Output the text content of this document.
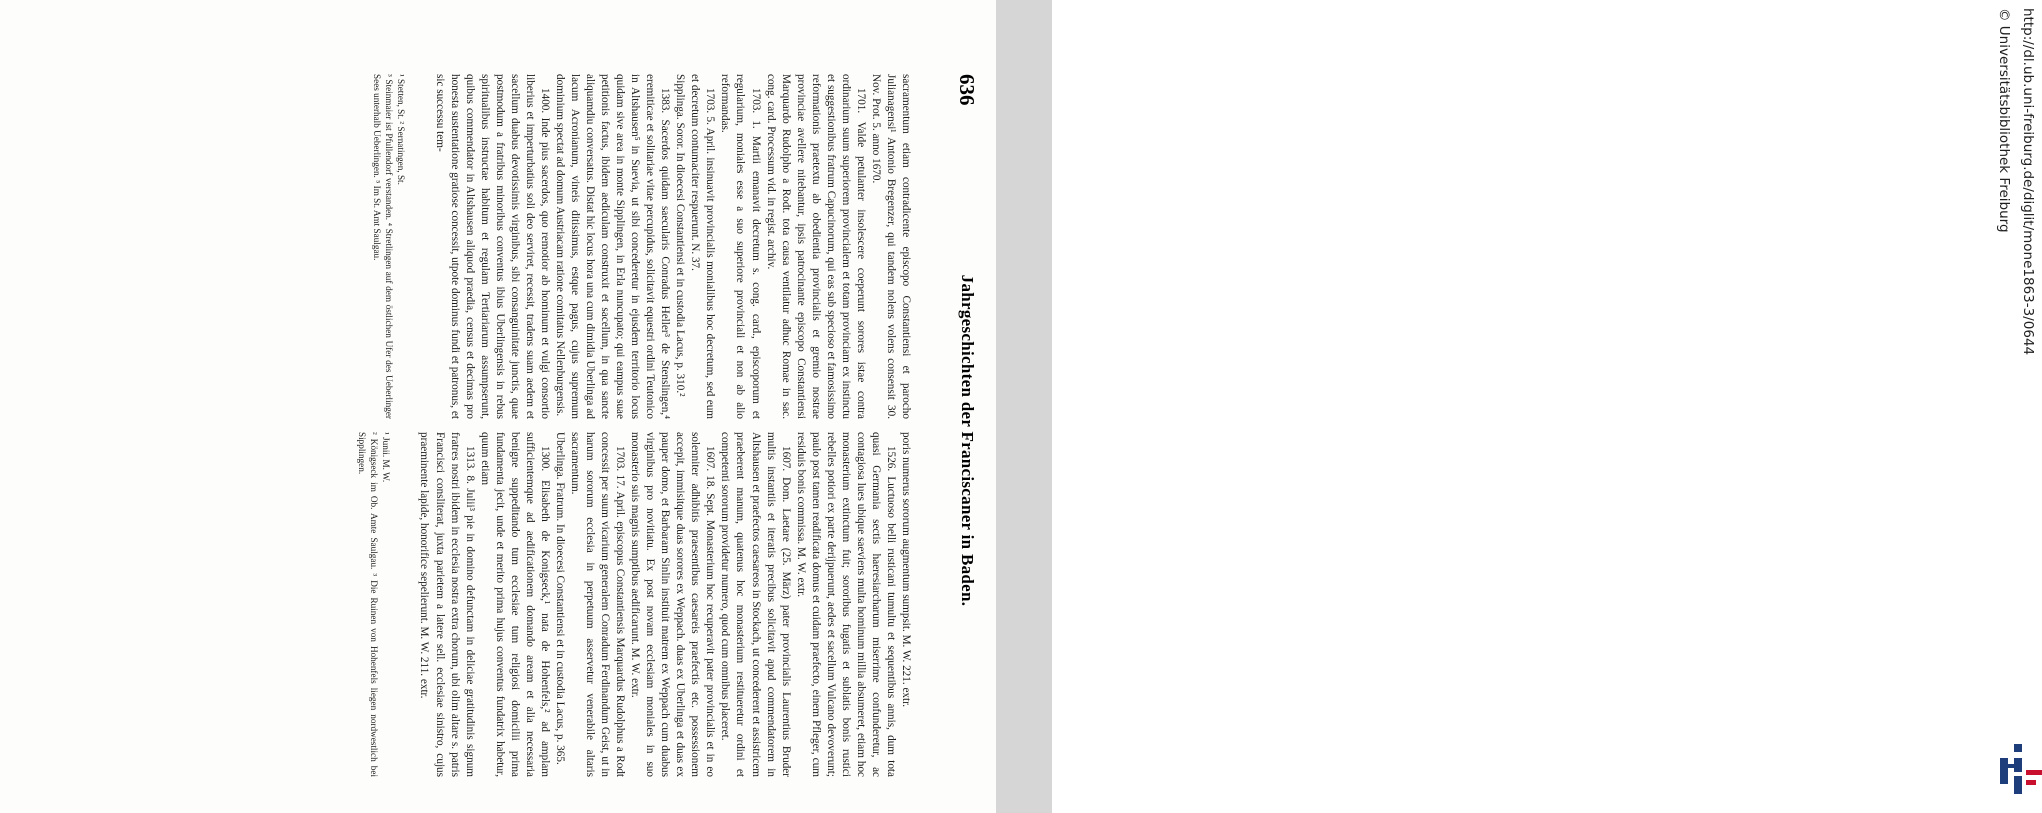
636
Jahrgeschichten der Franciscaner in Baden.

sacramentum etiam contradicente episcopo Constantiensi et parocho Julianagensi¹ Antonio Bregenzer, qui tandem nolens volens consensit 30. Nov. Prot. 5. anno 1670.

1701. Valde petulanter insolescere coeperunt sorores istae contra ordinarium suum superiorem provincialem et totam provinciam ex instinctu et suggestionibus fratrum Capucinorum, qui eas sub specioso et famosissimo reformationis praetextu ab obedientia provincialis et gremio nostrae provinciae avellere nitebantur, ipsis patrocinante episcopo Constantiensi Marquardo Rudolpho a Rodt. tota causa ventilatur adhuc Romae in sac. cong. card. Processum vid. in regist. archiv.

1703. 1. Martii emanavit decretum s. cong. card., episcoporum et regularium, moniales esse a suo superiore provinciali et non ab alio reformandas.

1703. 5. April. insinuavit provincialis monialibus hoc decretum, sed eum et decretum contumaciter respuerunt. N. 37.

Sipplinga. Soror. In dioecesi Constantiensi et in custodia Lacus, p. 310.²

1383. Sacerdos quidam saecularis Conradus Heller³ de Stenslingen,⁴ eremiticae et solitariae vitae percupidus, solicitavit equestri ordini Teutonico in Altshausen⁵ in Suevia, ut sibi concederetur in ejusdem territorio locus quidam sive area in monte Sipplingen, in Erla nuncupato; qui eampus suae petitionis factus, ibidem aediculam construxit et sacellum, in qua sancte aliquamdiu conversatus. Distat hic locus hora una cum dimidia Uberlinga ad lacum Acronianum, vineis ditissimus, estque pagus, cujus supremum dominium spectat ad domum Austriacam ratione comitatus Nellenburgensis.

1400. Inde pius sacerdos, quo remotior ab hominum et vulgi consortio liberius et imperturbatius soli deo serviret, recessit, tradens suam aedem et sacellum duabus devotissimis virginibus, sibi consanguinitate junctis, quae postmodum a fratribus minoribus conventus ibius Uberlingensis in rebus spiritualibus instructae habitum et regulam Tertiariarum assumpserunt, quibus commendator in Altshausen aliquod praedia, census et decimas pro honesta sustentatione gratiose concessit, utpote dominus fundi et patronus, et sic successu tem-

¹ Stetten, St. ² Sernatingen, St.

³ Steinmaier ist Pfullendorf verstanden. ⁴ Stretlingen auf dem östlichen Ufer des Ueberlinger Sees unterhalb Ueberlingen. ⁵ Im St. Amt Saulgau.

poris numerus sororum augmentum sumpsit. M. W. 221. extr.

1526. Luctuoso belli rusticani tumultu et sequentibus annis, dum tota quasi Germania sectis haeresiarcharum miserrime confunderetur, ac contagiosa lues ubique saeviens multa hominum millia absumeret, etiam hoc monasterium extinctum fuit; sororibus fugatis et sublatis bonis rustici rebelles potiori ex parte derijpuerunt, aedes et sacellum Vulcano devoverunt; paulo post tamen readificata domus et cuidam praefecto, einem Pfleger, cum residuis bonis commissa. M. W. extr.

1607. Dom. Laetare (25. März) pater provincialis Laurentius Bruder multis instantiis et iteratis precibus solicitavit apud commendatorem in Altshausen et praefectos caesareos in Stockach, ut concederent et assistricem praeberent manum, quatenus hoc monasterium restitueretur ordini et competenti sororum providetur numero, quod cum omnibus placeret.

1607. 18. Sept. Monasterium hoc recuperavit pater provincialis et in eo solenniter adhibitis praesentibus caesareis praefectis etc. possessionem accepit, immisitque duas sorores ex Weppach. duas ex Uberlinga et duas ex pauper domo, et Barbaram Sinlin instituit matrem ex Weppach cum duabus virginibus pro novitiatu. Ex post novam ecclesiam moniales in suo monasterio suis magnis sumptibus aedificarunt. M. W. extr.

1703. 17. April. episcopus Constantiensis Marquardus Rudolphus a Rodt concessit per suum vicarium generalem Conradum Ferdinandum Geist, ut in harum sororum ecclesia in perpetuum asservetur venerabile altaris sacramentum.

Uberlinga. Fratrum. In dioecesi Constantiensi et in custodia Lacus, p. 365.

1300. Elisabeth de Konigseck,¹ nata de Hohenfels,² ad amplam sufficientemque ad aedificationem domando aream et alia necessaria benigne suppeditando tum ecclesiae tum religiosi domicilii prima fundamenta jecit, unde et merito prima hujus conventus fundatrix habetur, quum etiam

1313. 8. Julii³ pie in domino defunctam in deliciae gratitudinis signum fratres nostri ibidem in ecclesia nostra extra chorum, ubi olim altare s. patris Francisci consliterat, juxta parietem a latere sell. ecclesiae sinistro, cujus praeminente lapide, honorifice sepelierunt. M. W. 211. extr.

¹ Junii. M. W.

² Königseck im Ob. Amte Saulgau. ³ Die Ruinen von Hohenfels liegen nordwestlich bei Sipplingen.

http://dl.ub.uni-freiburg.de/diglit/mone1863-3/0644
© Universitätsbibliothek Freiburg
